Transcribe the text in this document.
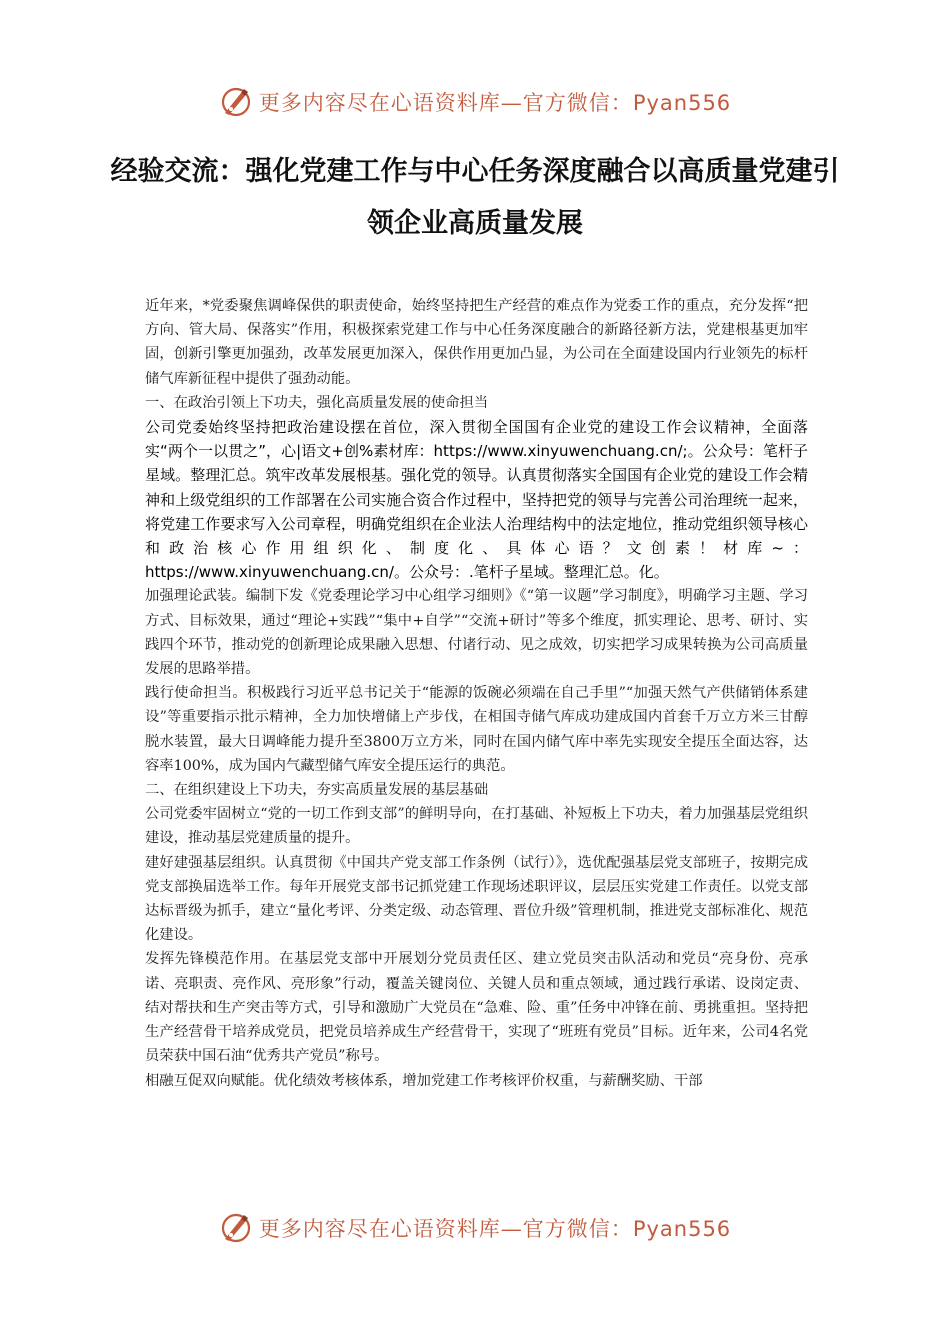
更多内容尽在心语资料库—官方微信：Pyan556
经验交流：强化党建工作与中心任务深度融合以高质量党建引领企业高质量发展

近年来，*党委聚焦调峰保供的职责使命，始终坚持把生产经营的难点作为党委工作的重点，充分发挥“把方向、管大局、保落实”作用，积极探索党建工作与中心任务深度融合的新路径新方法，党建根基更加牢固，创新引擎更加强劲，改革发展更加深入，保供作用更加凸显，为公司在全面建设国内行业领先的标杆储气库新征程中提供了强劲动能。

一、在政治引领上下功夫，强化高质量发展的使命担当

公司党委始终坚持把政治建设摆在首位，深入贯彻全国国有企业党的建设工作会议精神，全面落实“两个一以贯之”，心|语文+创%素材库：https://www.xinyuwenchuang.cn/;。公众号：笔杆子星域。整理汇总。筑牢改革发展根基。强化党的领导。认真贯彻落实全国国有企业党的建设工作会精神和上级党组织的工作部署在公司实施合资合作过程中，坚持把党的领导与完善公司治理统一起来，将党建工作要求写入公司章程，明确党组织在企业法人治理结构中的法定地位，推动党组织领导核心和政治核心作用组织化、制度化、具体心语？文创素！材库~：https://www.xinyuwenchuang.cn/。公众号：.笔杆子星域。整理汇总。化。

加强理论武装。编制下发《党委理论学习中心组学习细则》《“第一议题”学习制度》，明确学习主题、学习方式、目标效果，通过“理论+实践”“集中+自学”“交流+研讨”等多个维度，抓实理论、思考、研讨、实践四个环节，推动党的创新理论成果融入思想、付诸行动、见之成效，切实把学习成果转换为公司高质量发展的思路举措。

践行使命担当。积极践行习近平总书记关于“能源的饭碗必须端在自己手里”“加强天然气产供储销体系建设”等重要指示批示精神，全力加快增储上产步伐，在相国寺储气库成功建成国内首套千万立方米三甘醇脱水装置，最大日调峰能力提升至3800万立方米，同时在国内储气库中率先实现安全提压全面达容，达容率100%，成为国内气藏型储气库安全提压运行的典范。

二、在组织建设上下功夫，夯实高质量发展的基层基础

公司党委牢固树立“党的一切工作到支部”的鲜明导向，在打基础、补短板上下功夫，着力加强基层党组织建设，推动基层党建质量的提升。

建好建强基层组织。认真贯彻《中国共产党支部工作条例（试行）》，选优配强基层党支部班子，按期完成党支部换届选举工作。每年开展党支部书记抓党建工作现场述职评议，层层压实党建工作责任。以党支部达标晋级为抓手，建立“量化考评、分类定级、动态管理、晋位升级”管理机制，推进党支部标准化、规范化建设。

发挥先锋模范作用。在基层党支部中开展划分党员责任区、建立党员突击队活动和党员“亮身份、亮承诺、亮职责、亮作风、亮形象”行动，覆盖关键岗位、关键人员和重点领域，通过践行承诺、设岗定责、结对帮扶和生产突击等方式，引导和激励广大党员在“急难、险、重”任务中冲锋在前、勇挑重担。坚持把生产经营骨干培养成党员，把党员培养成生产经营骨干，实现了“班班有党员”目标。近年来，公司4名党员荣获中国石油“优秀共产党员”称号。

相融互促双向赋能。优化绩效考核体系，增加党建工作考核评价权重，与薪酬奖励、干部

更多内容尽在心语资料库—官方微信：Pyan556
